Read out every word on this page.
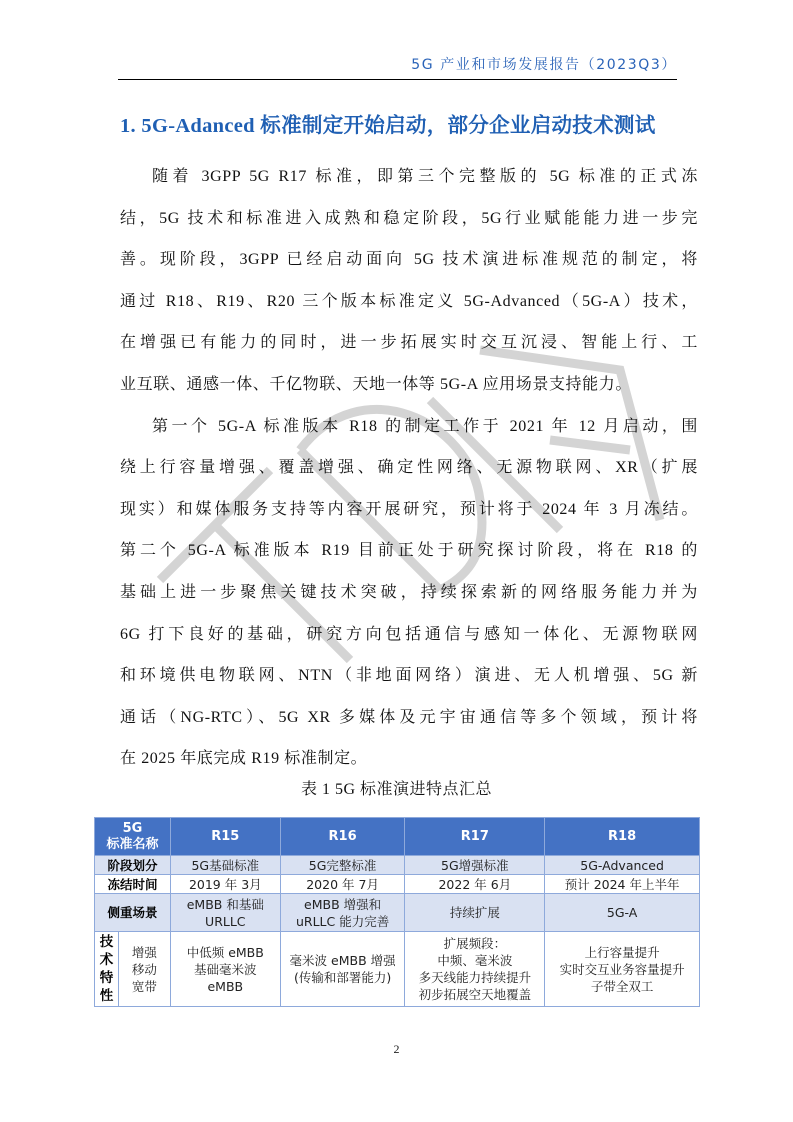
5G 产业和市场发展报告（2023Q3）
1. 5G-Adanced 标准制定开始启动，部分企业启动技术测试

随着 3GPP 5G R17 标准，即第三个完整版的 5G 标准的正式冻
结，5G 技术和标准进入成熟和稳定阶段，5G行业赋能能力进一步完
善。现阶段，3GPP 已经启动面向 5G 技术演进标准规范的制定，将
通过 R18、R19、R20 三个版本标准定义 5G-Advanced（5G-A）技术，
在增强已有能力的同时，进一步拓展实时交互沉浸、智能上行、工
业互联、通感一体、千亿物联、天地一体等 5G-A 应用场景支持能力。

第一个 5G-A 标准版本 R18 的制定工作于 2021 年 12 月启动，围
绕上行容量增强、覆盖增强、确定性网络、无源物联网、XR（扩展
现实）和媒体服务支持等内容开展研究，预计将于 2024 年 3 月冻结。
第二个 5G-A 标准版本 R19 目前正处于研究探讨阶段，将在 R18 的
基础上进一步聚焦关键技术突破，持续探索新的网络服务能力并为
6G 打下良好的基础，研究方向包括通信与感知一体化、无源物联网
和环境供电物联网、NTN（非地面网络）演进、无人机增强、5G 新
通话（NG-RTC）、5G XR 多媒体及元宇宙通信等多个领域，预计将
在 2025 年底完成 R19 标准制定。

表 1 5G 标准演进特点汇总
5G
标准名称		R15	R16	R17	R18
阶段划分		5G基础标准	5G完整标准	5G增强标准	5G-Advanced
冻结时间		2019 年 3月	2020 年 7月	2022 年 6月	预计 2024 年上半年
侧重场景		eMBB 和基础
URLLC	eMBB 增强和
uRLLC 能力完善	持续扩展	5G-A
技术特性	增强
移动
宽带	中低频 eMBB
基础毫米波
eMBB	毫米波 eMBB 增强
(传输和部署能力)	扩展频段：
中频、毫米波
多天线能力持续提升
初步拓展空天地覆盖	上行容量提升
实时交互业务容量提升
子带全双工
2
